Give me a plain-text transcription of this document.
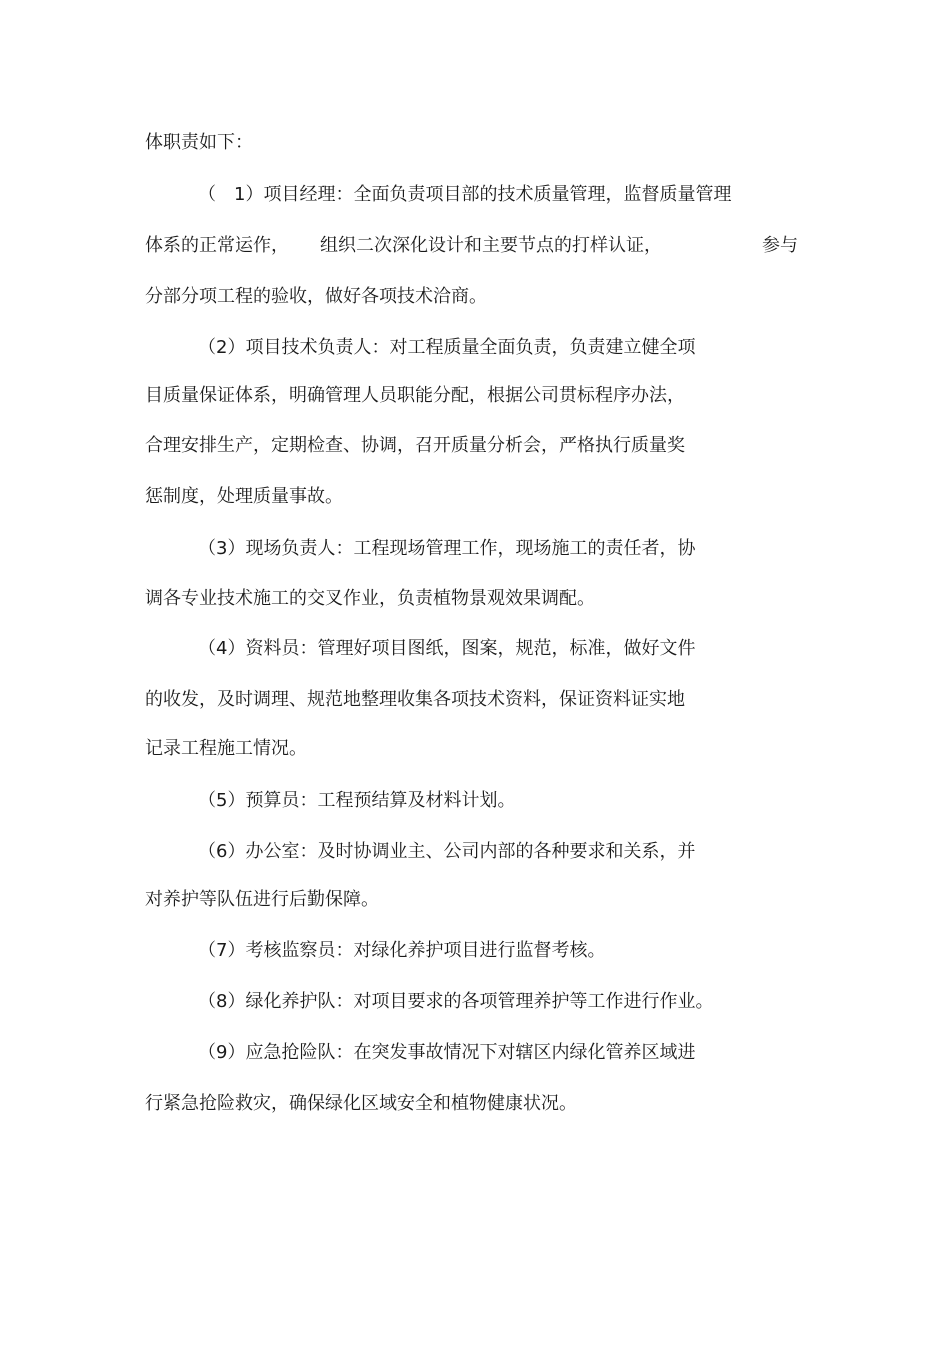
体职责如下：
（　1）项目经理：全面负责项目部的技术质量管理，监督质量管理
体系的正常运作， 组织二次深化设计和主要节点的打样认证，	参与
分部分项工程的验收，做好各项技术洽商。
（2）项目技术负责人：对工程质量全面负责，负责建立健全项
目质量保证体系，明确管理人员职能分配，根据公司贯标程序办法，
合理安排生产，定期检查、协调，召开质量分析会，严格执行质量奖
惩制度，处理质量事故。
（3）现场负责人：工程现场管理工作，现场施工的责任者，协
调各专业技术施工的交叉作业，负责植物景观效果调配。
（4）资料员：管理好项目图纸，图案，规范，标准，做好文件
的收发，及时调理、规范地整理收集各项技术资料，保证资料证实地
记录工程施工情况。
（5）预算员：工程预结算及材料计划。
（6）办公室：及时协调业主、公司内部的各种要求和关系，并
对养护等队伍进行后勤保障。
（7）考核监察员：对绿化养护项目进行监督考核。
（8）绿化养护队：对项目要求的各项管理养护等工作进行作业。
（9）应急抢险队：在突发事故情况下对辖区内绿化管养区域进
行紧急抢险救灾，确保绿化区域安全和植物健康状况。
